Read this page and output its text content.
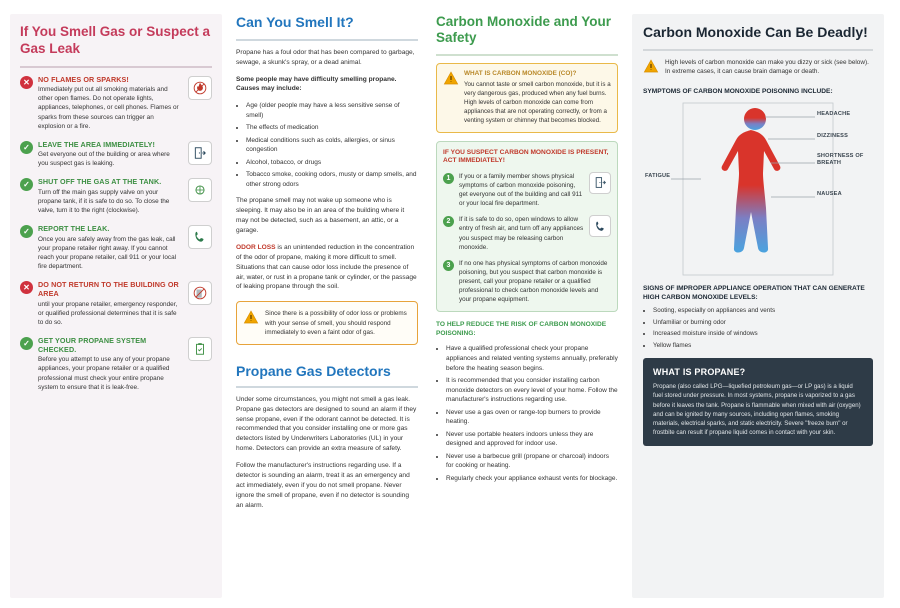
If You Smell Gas or Suspect a Gas Leak
✕	NO FLAMES OR SPARKS!
Immediately put out all smoking materials and other open flames. Do not operate lights, appliances, telephones, or cell phones. Flames or sparks from these sources can trigger an explosion or a fire.
✓	LEAVE THE AREA IMMEDIATELY!
Get everyone out of the building or area where you suspect gas is leaking.
✓	SHUT OFF THE GAS AT THE TANK.
Turn off the main gas supply valve on your propane tank, if it is safe to do so. To close the valve, turn it to the right (clockwise).
✓	REPORT THE LEAK.
Once you are safely away from the gas leak, call your propane retailer right away. If you cannot reach your propane retailer, call 911 or your local fire department.
✕	DO NOT RETURN TO THE BUILDING OR AREA
until your propane retailer, emergency responder, or qualified professional determines that it is safe to do so.
✓	GET YOUR PROPANE SYSTEM CHECKED.
Before you attempt to use any of your propane appliances, your propane retailer or a qualified professional must check your entire propane system to ensure that it is leak-free.
Can You Smell It?

Propane has a foul odor that has been compared to garbage, sewage, a skunk's spray, or a dead animal.

Some people may have difficulty smelling propane. Causes may include:

• Age (older people may have a less sensitive sense of smell)
• The effects of medication
• Medical conditions such as colds, allergies, or sinus congestion
• Alcohol, tobacco, or drugs
• Tobacco smoke, cooking odors, musty or damp smells, and other strong odors

The propane smell may not wake up someone who is sleeping. It may also be in an area of the building where it may not be detected, such as a basement, an attic, or a garage.

ODOR LOSS is an unintended reduction in the concentration of the odor of propane, making it more difficult to smell. Situations that can cause odor loss include the presence of air, water, or rust in a propane tank or cylinder, or the passage of leaking propane through the soil.

Since there is a possibility of odor loss or problems with your sense of smell, you should respond immediately to even a faint odor of gas.
Propane Gas Detectors

Under some circumstances, you might not smell a gas leak. Propane gas detectors are designed to sound an alarm if they sense propane, even if the odorant cannot be detected. It is recommended that you consider installing one or more gas detectors listed by Underwriters Laboratories (UL) in your home. Detectors can provide an extra measure of safety.

Follow the manufacturer's instructions regarding use. If a detector is sounding an alarm, treat it as an emergency and act immediately, even if you do not smell propane. Never ignore the smell of propane, even if no detector is sounding an alarm.

Carbon Monoxide and Your Safety
WHAT IS CARBON MONOXIDE (CO)?
You cannot taste or smell carbon monoxide, but it is a very dangerous gas, produced when any fuel burns. High levels of carbon monoxide can come from appliances that are not operating correctly, or from a venting system or chimney that becomes blocked.
IF YOU SUSPECT CARBON MONOXIDE IS PRESENT, ACT IMMEDIATELY!
1	If you or a family member shows physical symptoms of carbon monoxide poisoning, get everyone out of the building and call 911 or your local fire department.
2	If it is safe to do so, open windows to allow entry of fresh air, and turn off any appliances you suspect may be releasing carbon monoxide.
3	If no one has physical symptoms of carbon monoxide poisoning, but you suspect that carbon monoxide is present, call your propane retailer or a qualified professional to check carbon monoxide levels and your propane equipment.
TO HELP REDUCE THE RISK OF CARBON MONOXIDE POISONING:
• Have a qualified professional check your propane appliances and related venting systems annually, preferably before the heating season begins.
• It is recommended that you consider installing carbon monoxide detectors on every level of your home. Follow the manufacturer's instructions regarding use.
• Never use a gas oven or range-top burners to provide heating.
• Never use portable heaters indoors unless they are designed and approved for indoor use.
• Never use a barbecue grill (propane or charcoal) indoors for cooking or heating.
• Regularly check your appliance exhaust vents for blockage.
Carbon Monoxide Can Be Deadly!
High levels of carbon monoxide can make you dizzy or sick (see below). In extreme cases, it can cause brain damage or death.
SYMPTOMS OF CARBON MONOXIDE POISONING INCLUDE:
HEADACHE
DIZZINESS
SHORTNESS OF BREATH
NAUSEA
FATIGUE
SIGNS OF IMPROPER APPLIANCE OPERATION THAT CAN GENERATE HIGH CARBON MONOXIDE LEVELS:
• Sooting, especially on appliances and vents
• Unfamiliar or burning odor
• Increased moisture inside of windows
• Yellow flames
WHAT IS PROPANE?

Propane (also called LPG—liquefied petroleum gas—or LP gas) is a liquid fuel stored under pressure. In most systems, propane is vaporized to a gas before it leaves the tank. Propane is flammable when mixed with air (oxygen) and can be ignited by many sources, including open flames, smoking materials, electrical sparks, and static electricity. Severe "freeze burn" or frostbite can result if propane liquid comes in contact with your skin.
